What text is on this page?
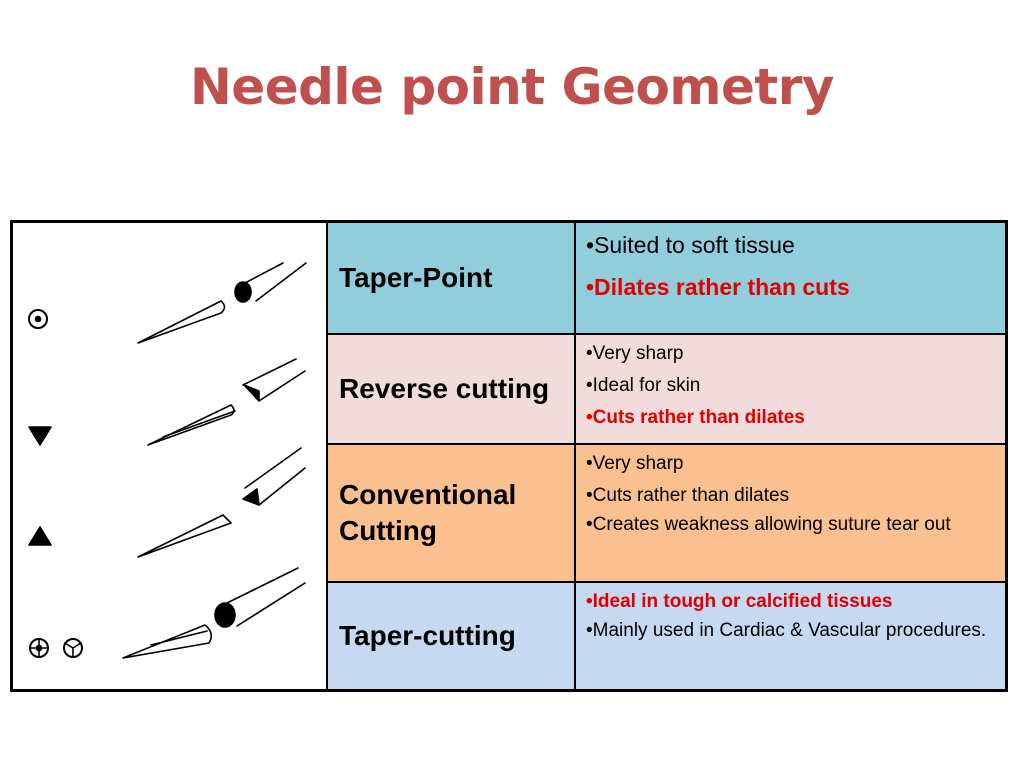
Needle point Geometry
Taper-Point
•Suited to soft tissue
•Dilates rather than cuts
Reverse cutting
•Very sharp
•Ideal for skin
•Cuts rather than dilates
Conventional Cutting
•Very sharp
•Cuts rather than dilates
•Creates weakness allowing suture tear out
Taper-cutting
•Ideal in tough or calcified tissues
•Mainly used in Cardiac & Vascular procedures.
